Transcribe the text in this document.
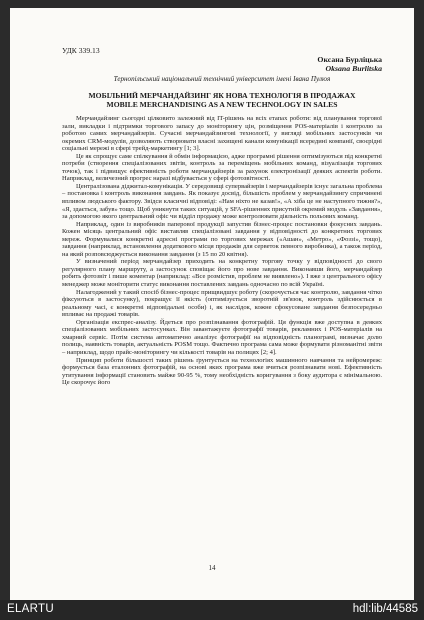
УДК 339.13
Оксана Бурліцька
Oksana Burlitska
Тернопільський національний технічний університет імені Івана Пулюя
МОБІЛЬНИЙ МЕРЧАНДАЙЗИНГ ЯК НОВА ТЕХНОЛОГІЯ В ПРОДАЖАХ
MOBILE MERCHANDISING AS A NEW TECHNOLOGY IN SALES

Мерчандайзинг сьогодні цілковито залежний від IT-рішень на всіх етапах роботи: від планування торгової зали, викладки і підтримки торгового запасу до моніторингу цін, розміщення POS-матеріалів і контролю за роботою самих мерчандайзерів. Сучасні мерчандайзингові технології, у вигляді мобільних застосунків чи окремих CRM-модулів, дозволяють створювати власні захищені канали комунікації всередині компанії, своєрідні соціальні мережі в сфері трейд-маркетингу [1; 3].

Це як спрощує саме спілкування й обмін інформацією, адже програмні рішення оптимізуються під конкретні потреби (створення спеціалізованих звітів, контроль за переміщень мобільних команд, візуалізація торгових точок), так і підвищує ефективність роботи мерчандайзерів за рахунок електронізації деяких аспектів роботи. Наприклад, величезний прогрес наразі відбувається у сфері фотозвітності.

Централізована діджитал-комунікація. У середовищі супервайзерів і мерчандайзерів існує загальна проблема – постановка і контроль виконання завдань. Як показує досвід, більшість проблем у мерчандайзингу спричинені впливом людського фактору. Звідси класичні відповіді: «Нам ніхто не казав!», «А хіба це не наступного тижня?», «Я, здається, забув» тощо. Щоб уникнути таких ситуацій, у SFA-рішеннях присутній окремий модуль «Завдання», за допомогою якого центральний офіс чи відділ продажу може контролювати діяльність польових команд.

Наприклад, один із виробників паперової продукції запустив бізнес-процес постановки фокусних завдань. Кожен місяць центральний офіс виставляв спеціалізовані завдання у відповідності до конкретних торгових мереж. Формувалися конкретні адресні програми по торгових мережах («Ашан», «Метро», «Фоззі», тощо), завдання (наприклад, встановлення додаткового місця продажів для серветок певного виробника), а також період, на який розповсюджується виконання завдання (з 15 по 20 квітня).

У визначений період мерчандайзер приходить на конкретну торгову точку у відповідності до свого регулярного плану маршруту, а застосунок сповіщає його про нове завдання. Виконавши його, мерчандайзер робить фотозвіт і пише коментар (наприклад: «Все розмістив, проблем не виявлено»). І вже з центрального офісу менеджер може моніторити статус виконання поставлених завдань одночасно по всій Україні.

Налагоджений у такий спосіб бізнес-процес прищвидшує роботу (скорочується час контролю, завдання чітко фіксуються в застосунку), покращує її якість (оптимізується зворотній зв'язок, контроль здійснюється в реальному часі, є конкретні відповідальні особи) і, як наслідок, кожне сфокусоване завдання безпосередньо впливає на продажі товарів.

Організація експрес-аналізу. Йдеться про розпізнавання фотографій. Ця функція вже доступна в деяких спеціалізованих мобільних застосунках. Він завантажуєте фотографії товарів, рекламних і POS-матеріалів на хмарний сервіс. Потім система автоматично аналізує фотографії на відповідність планограмі, визначає долю полиць, наявність товарів, актуальність POSM тощо. Фактично програма сама може формувати різноманітні звіти – наприклад, щодо прайс-моніторингу чи кількості товарів на полицях [2; 4].

Принцип роботи більшості таких рішень ґрунтується на технологіях машинного навчання та нейромереж: формується база еталонних фотографій, на основі яких програма вже вчиться розпізнавати нові. Ефективність утитування інформації становить майже 90-95 %, тому необхідність коригування з боку аудитора є мінімальною. Це скорочує його

14
ELARTU	hdl:lib/44585
